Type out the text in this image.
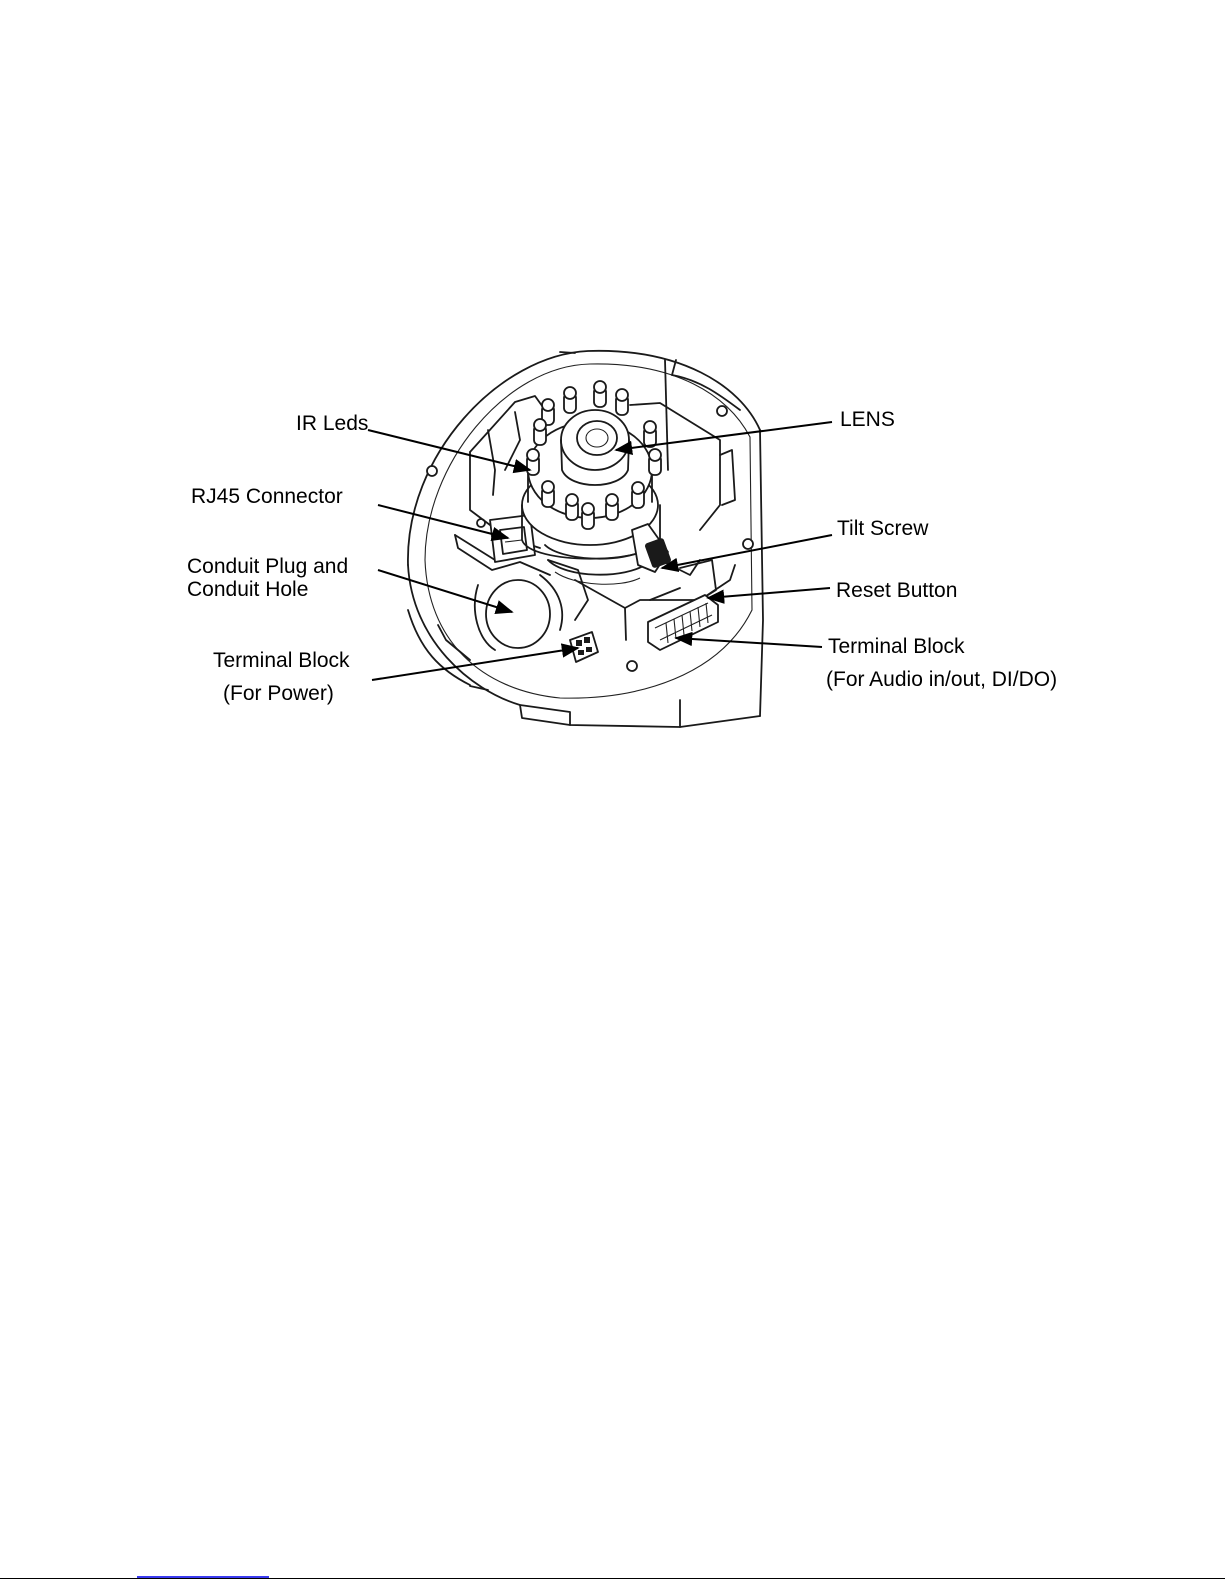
IR Leds	LENS
RJ45 Connector
Conduit Plug and
Conduit Hole
Tilt Screw
Reset Button
Terminal Block
(For Power)
Terminal Block
(For Audio in/out, DI/DO)
